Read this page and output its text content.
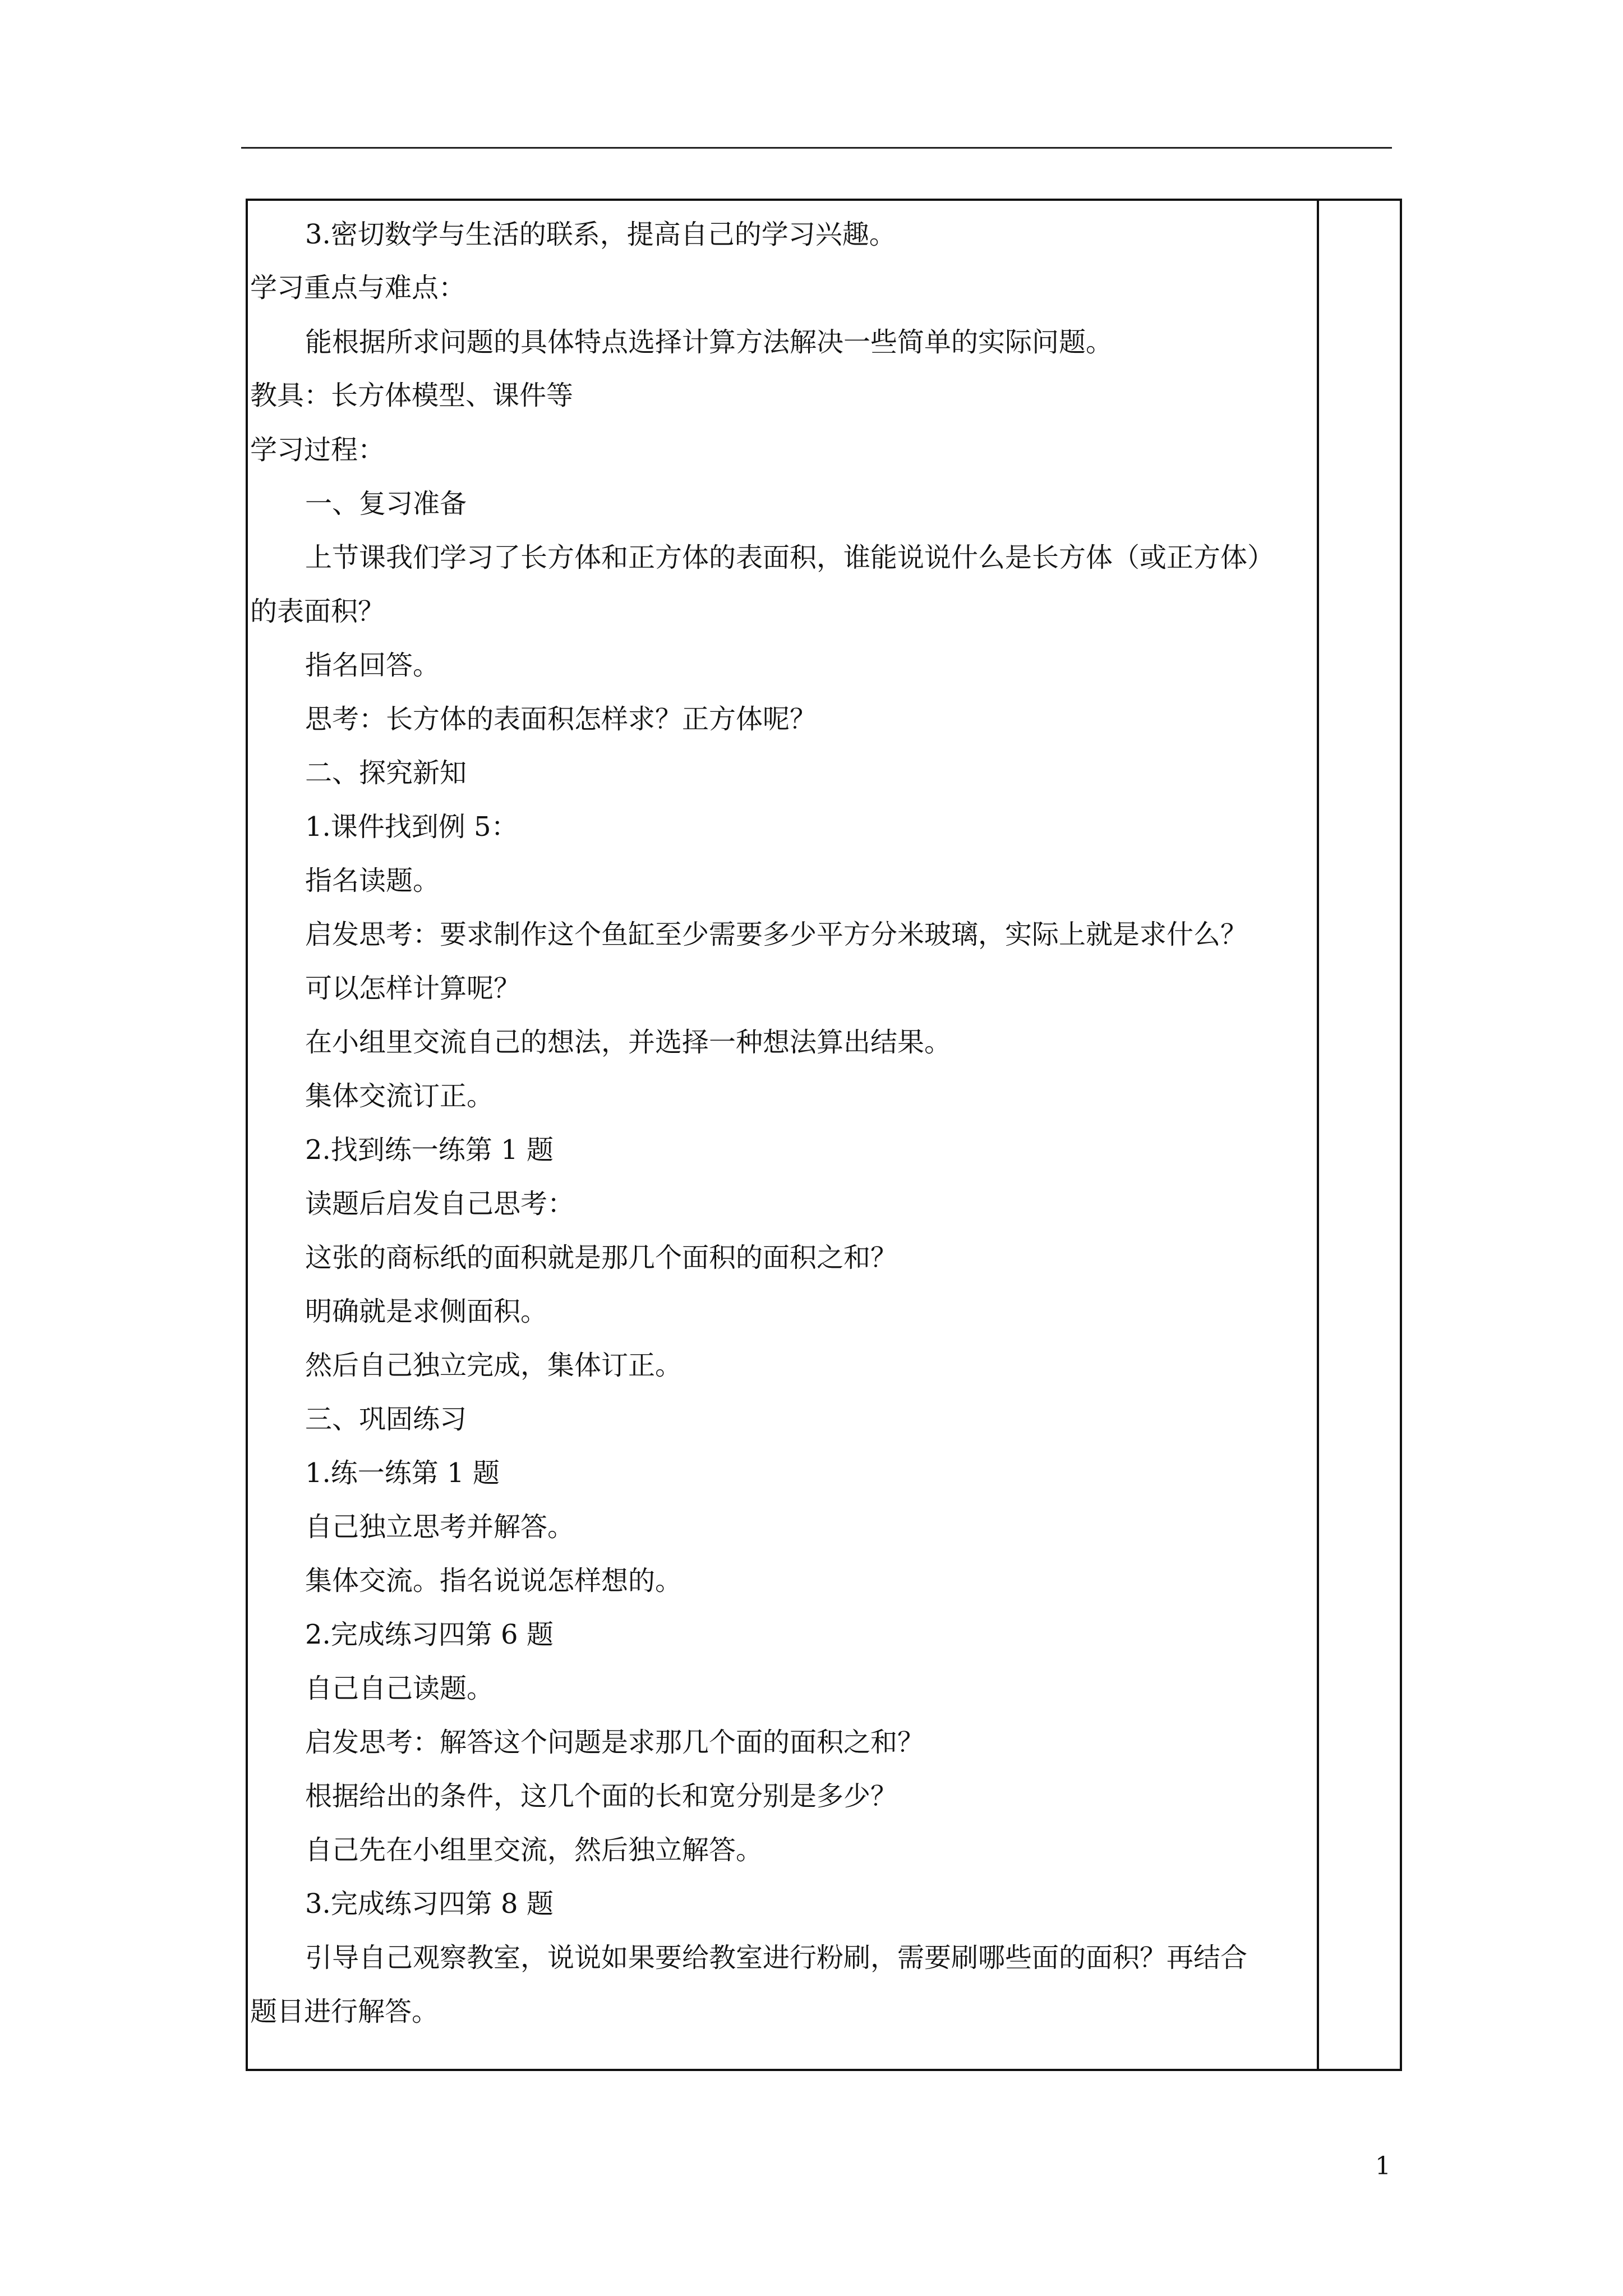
3.密切数学与生活的联系，提高自己的学习兴趣。
学习重点与难点：
能根据所求问题的具体特点选择计算方法解决一些简单的实际问题。
教具：长方体模型、课件等
学习过程：
一、复习准备
上节课我们学习了长方体和正方体的表面积，谁能说说什么是长方体（或正方体）
的表面积？
指名回答。
思考：长方体的表面积怎样求？正方体呢？
二、探究新知
1.课件找到例 5：
指名读题。
启发思考：要求制作这个鱼缸至少需要多少平方分米玻璃，实际上就是求什么？
可以怎样计算呢？
在小组里交流自己的想法，并选择一种想法算出结果。
集体交流订正。
2.找到练一练第 1 题
读题后启发自己思考：
这张的商标纸的面积就是那几个面积的面积之和？
明确就是求侧面积。
然后自己独立完成，集体订正。
三、巩固练习
1.练一练第 1 题
自己独立思考并解答。
集体交流。指名说说怎样想的。
2.完成练习四第 6 题
自己自己读题。
启发思考：解答这个问题是求那几个面的面积之和？
根据给出的条件，这几个面的长和宽分别是多少？
自己先在小组里交流，然后独立解答。
3.完成练习四第 8 题
引导自己观察教室，说说如果要给教室进行粉刷，需要刷哪些面的面积？再结合
题目进行解答。
1
